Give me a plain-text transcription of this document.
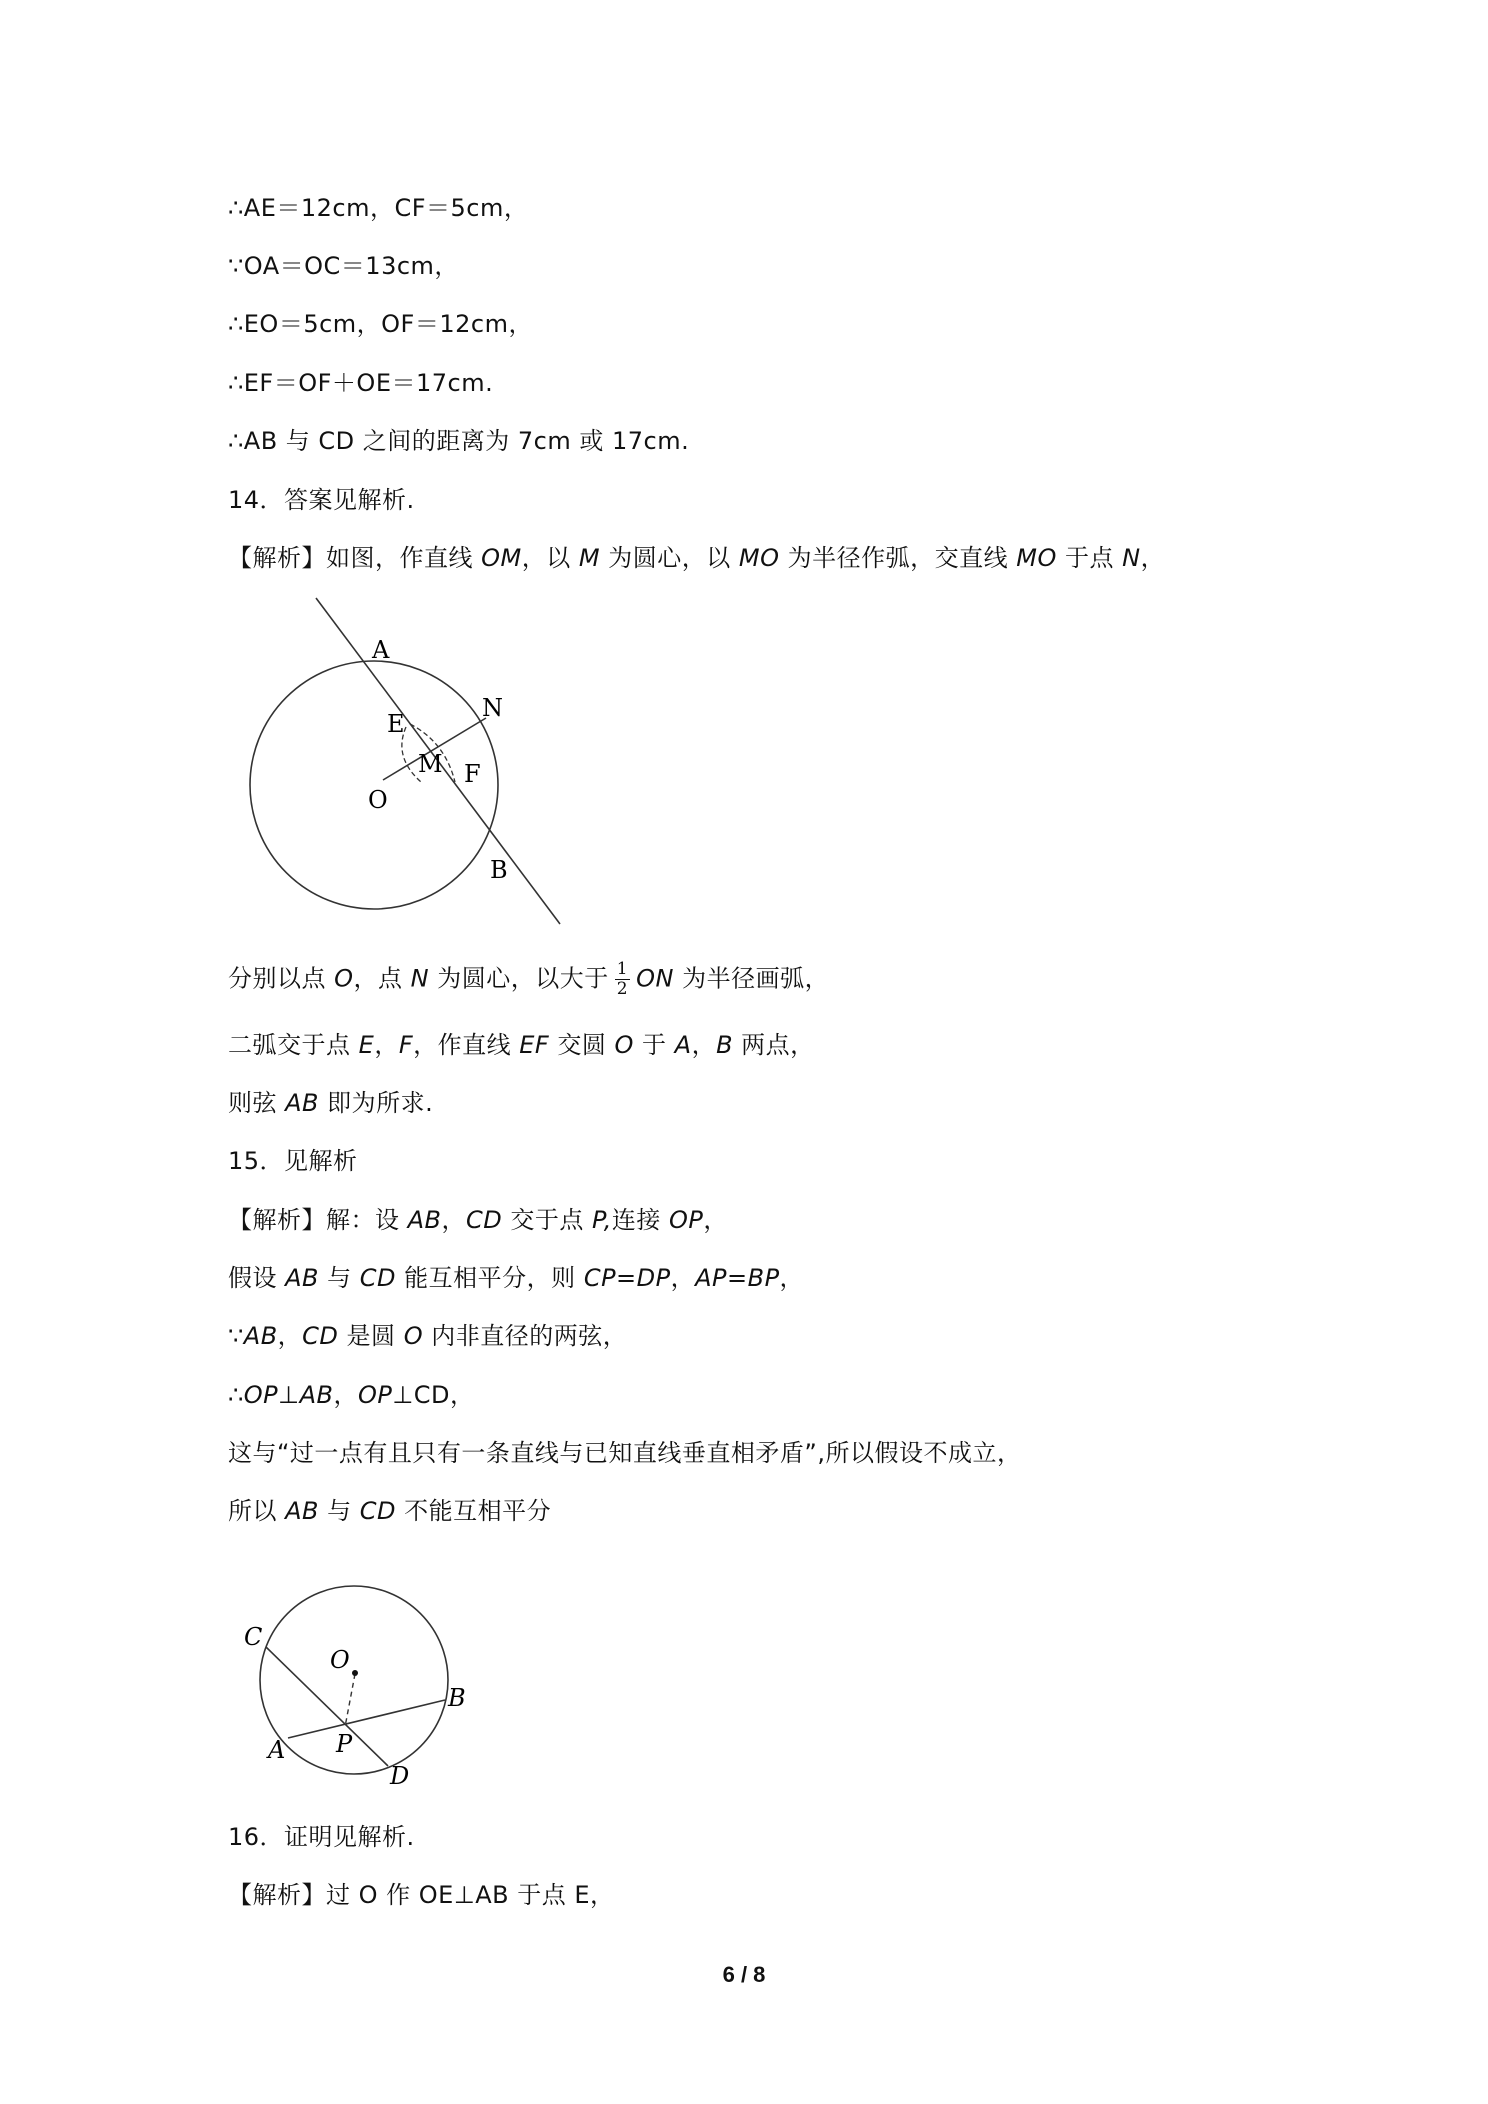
∴AE＝12cm，CF＝5cm，
∵OA＝OC＝13cm，
∴EO＝5cm，OF＝12cm，
∴EF＝OF＋OE＝17cm.
∴AB 与 CD 之间的距离为 7cm 或 17cm.
14．答案见解析.
【解析】如图，作直线 OM，以 M 为圆心，以 MO 为半径作弧，交直线 MO 于点 N，
A
N
E
M F
O
B
分别以点 O，点 N 为圆心，以大于 $\frac{1}{2}$ ON 为半径画弧，
二弧交于点 E，F，作直线 EF 交圆 O 于 A，B 两点，
则弦 AB 即为所求.
15．见解析
【解析】解：设 AB，CD 交于点 P,连接 OP，
假设 AB 与 CD 能互相平分，则 CP=DP，AP=BP，
∵AB，CD 是圆 O 内非直径的两弦，
∴OP⊥AB，OP⊥CD，
这与“过一点有且只有一条直线与已知直线垂直相矛盾”,所以假设不成立，
所以 AB 与 CD 不能互相平分
C
O
B
A P
D
16．证明见解析.
【解析】过 O 作 OE⊥AB 于点 E，
6 / 8
